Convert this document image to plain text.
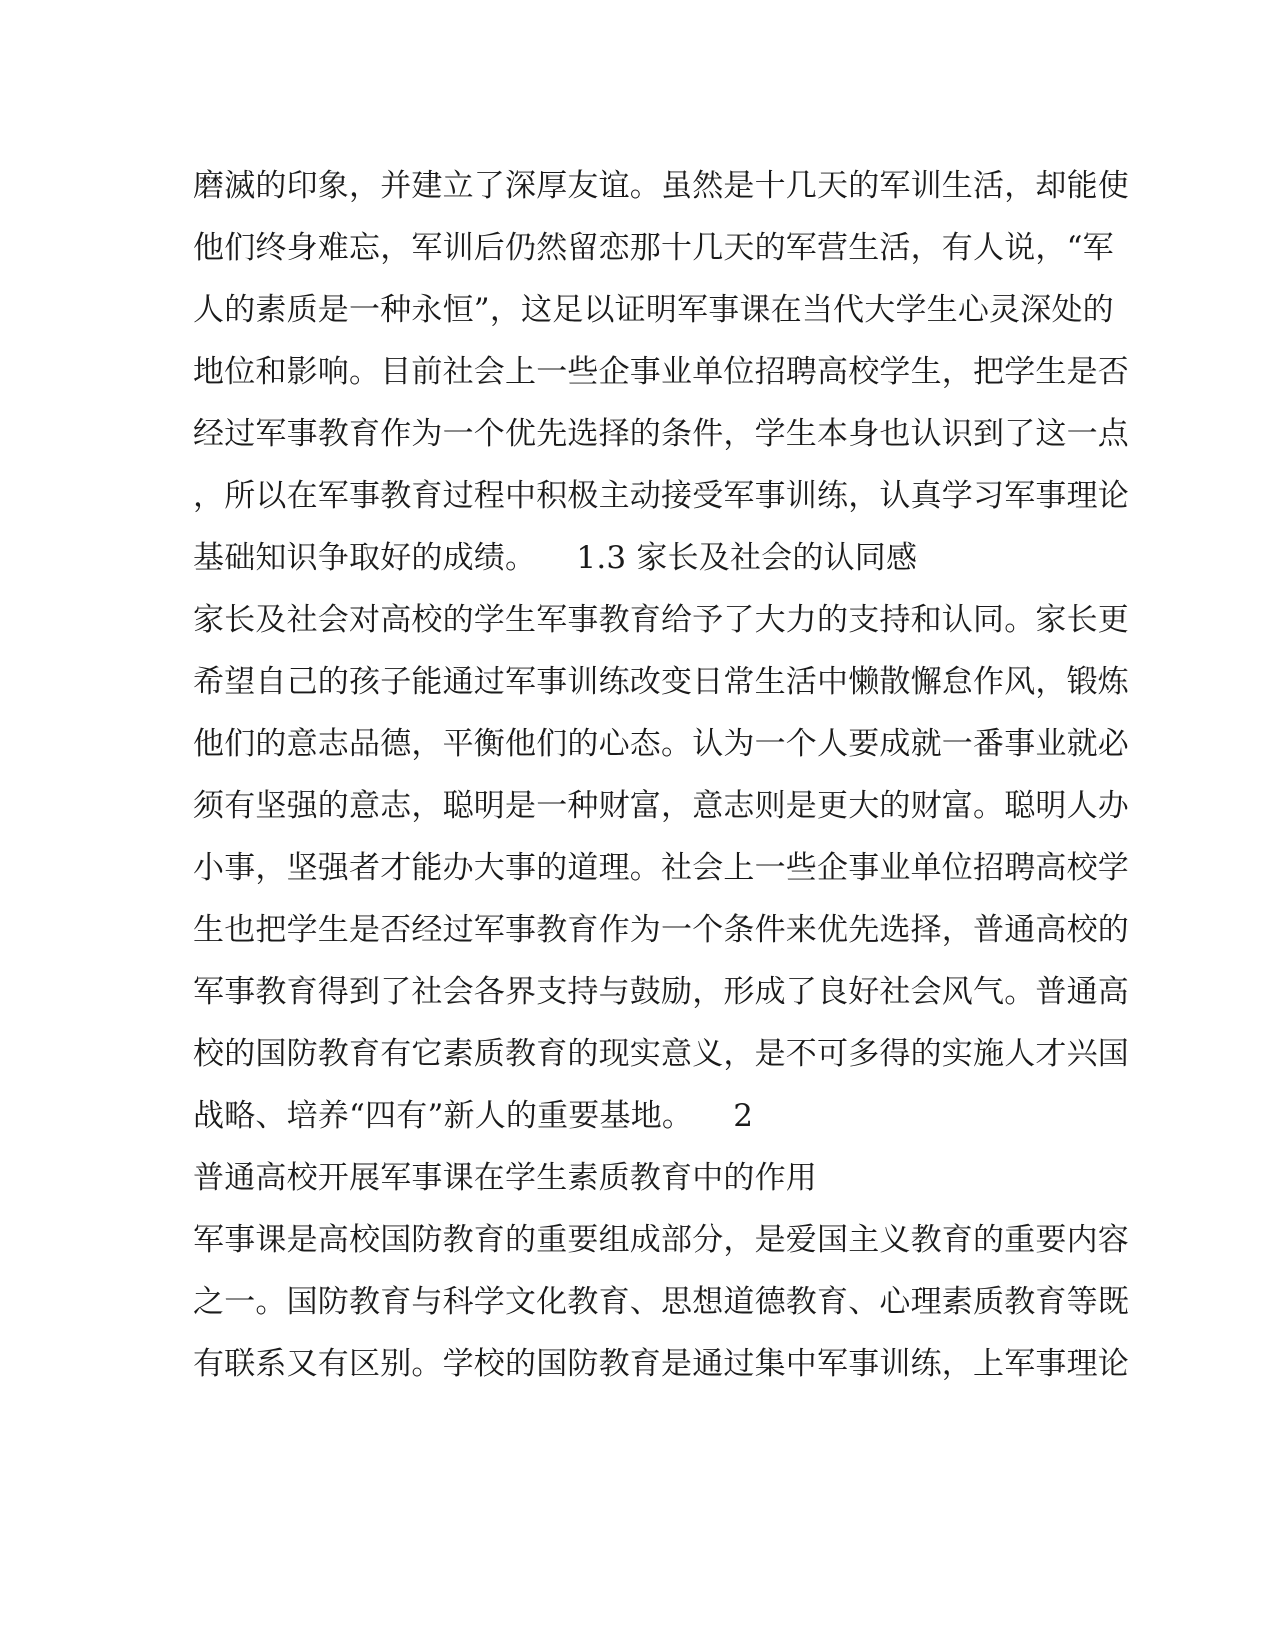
磨滅的印象，并建立了深厚友谊。虽然是十几天的军训生活，却能使
他们终身难忘，军训后仍然留恋那十几天的军营生活，有人说，“军
人的素质是一种永恒”，这足以证明军事课在当代大学生心灵深处的
地位和影响。目前社会上一些企事业单位招聘高校学生，把学生是否
经过军事教育作为一个优先选择的条件，学生本身也认识到了这一点
，所以在军事教育过程中积极主动接受军事训练，认真学习军事理论
基础知识争取好的成绩。    1.3 家长及社会的认同感
家长及社会对高校的学生军事教育给予了大力的支持和认同。家长更
希望自己的孩子能通过军事训练改变日常生活中懒散懈怠作风，锻炼
他们的意志品德，平衡他们的心态。认为一个人要成就一番事业就必
须有坚强的意志，聪明是一种财富，意志则是更大的财富。聪明人办
小事，坚强者才能办大事的道理。社会上一些企事业单位招聘高校学
生也把学生是否经过军事教育作为一个条件来优先选择，普通高校的
军事教育得到了社会各界支持与鼓励，形成了良好社会风气。普通高
校的国防教育有它素质教育的现实意义，是不可多得的实施人才兴国
战略、培养“四有”新人的重要基地。    2
普通高校开展军事课在学生素质教育中的作用
军事课是高校国防教育的重要组成部分，是爱国主义教育的重要内容
之一。国防教育与科学文化教育、思想道德教育、心理素质教育等既
有联系又有区别。学校的国防教育是通过集中军事训练，上军事理论
